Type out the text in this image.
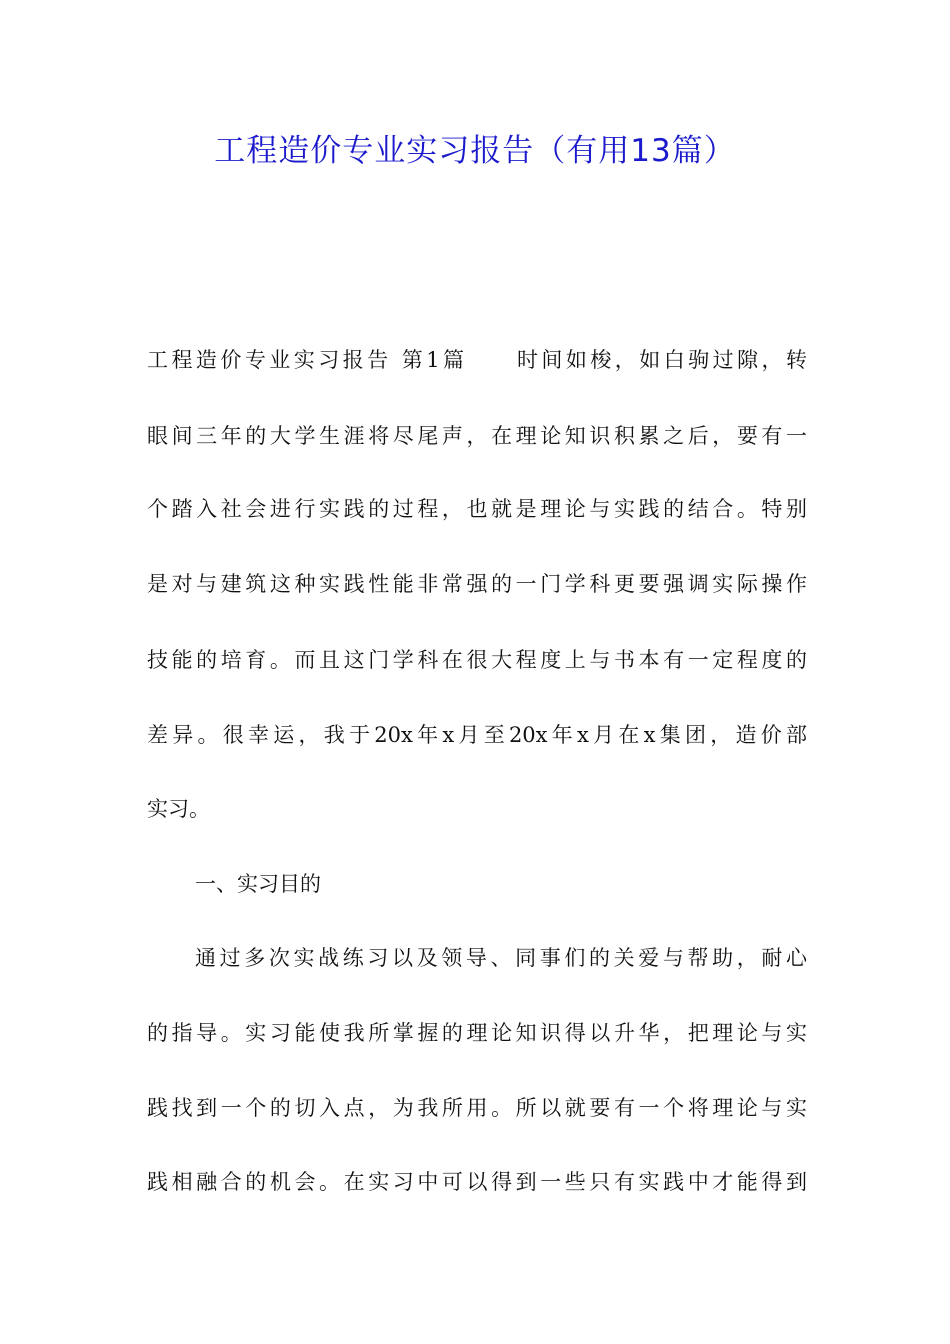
工程造价专业实习报告（有用13篇）
工程造价专业实习报告 第1篇 时间如梭，如白驹过隙，转
眼间三年的大学生涯将尽尾声，在理论知识积累之后，要有一
个踏入社会进行实践的过程，也就是理论与实践的结合。特别
是对与建筑这种实践性能非常强的一门学科更要强调实际操作
技能的培育。而且这门学科在很大程度上与书本有一定程度的
差异。很幸运，我于20x年x月至20x年x月在x集团，造价部
实习。
一、实习目的
通过多次实战练习以及领导、同事们的关爱与帮助，耐心
的指导。实习能使我所掌握的理论知识得以升华，把理论与实
践找到一个的切入点，为我所用。所以就要有一个将理论与实
践相融合的机会。在实习中可以得到一些只有实践中才能得到
